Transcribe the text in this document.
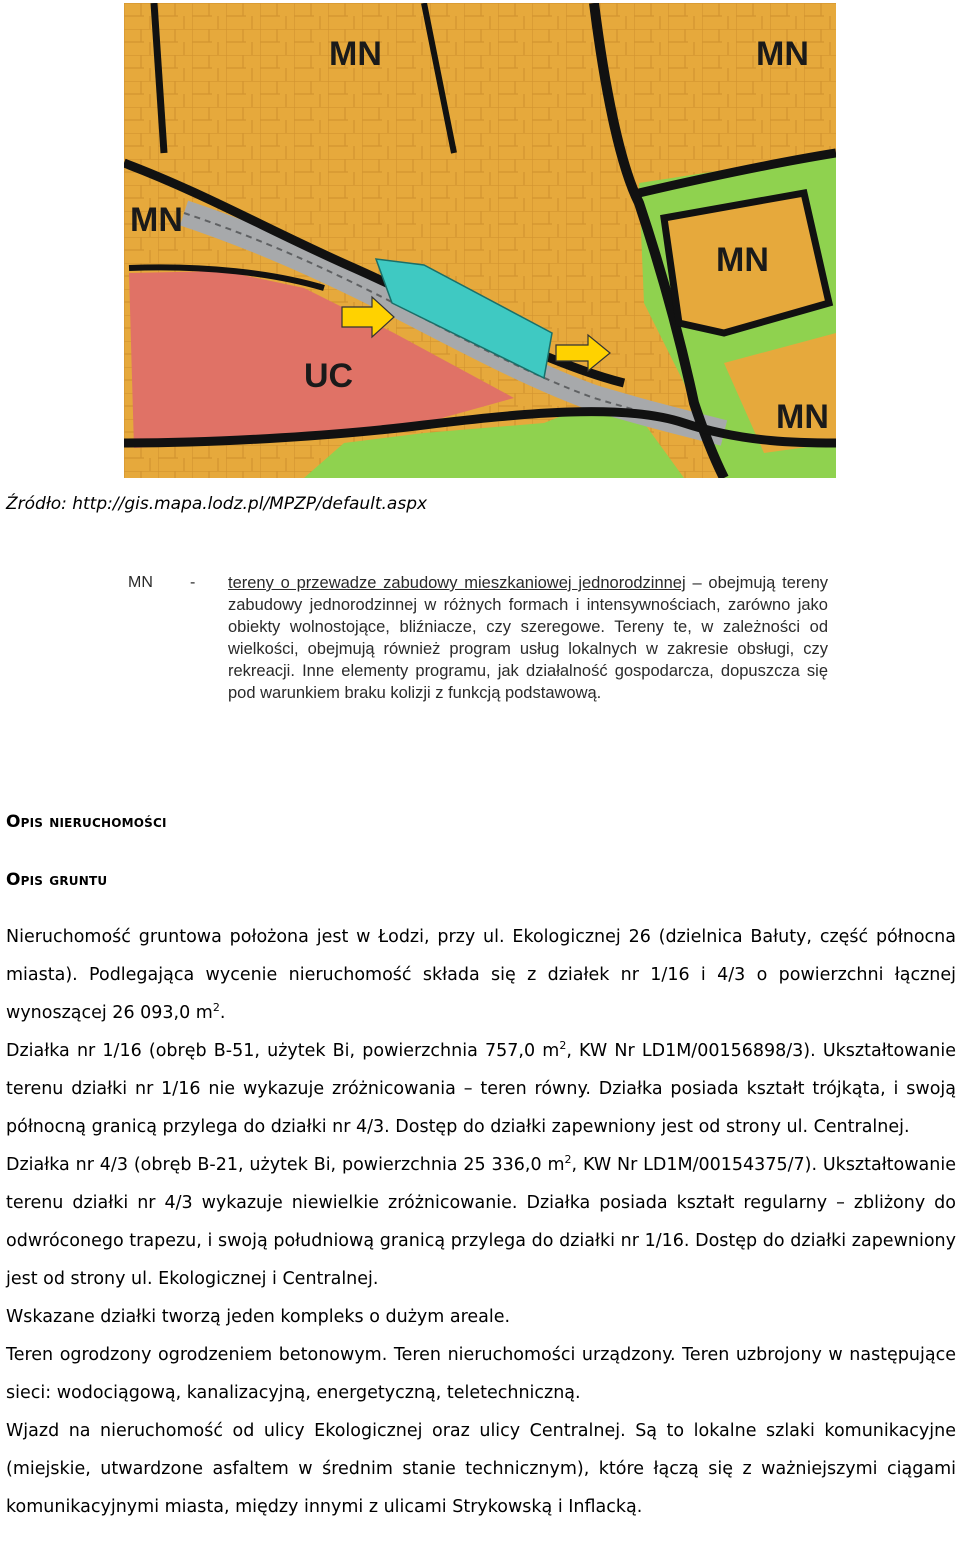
MN	MN
MN
MN
MN
UC
Źródło: http://gis.mapa.lodz.pl/MPZP/default.aspx
MN - tereny o przewadze zabudowy mieszkaniowej jednorodzinnej – obejmują tereny zabudowy jednorodzinnej w różnych formach i intensywnościach, zarówno jako obiekty wolnostojące, bliźniacze, czy szeregowe. Tereny te, w zależności od wielkości, obejmują również program usług lokalnych w zakresie obsługi, czy rekreacji. Inne elementy programu, jak działalność gospodarcza, dopuszcza się pod warunkiem braku kolizji z funkcją podstawową.
Opis nieruchomości
Opis gruntu

Nieruchomość gruntowa położona jest w Łodzi, przy ul. Ekologicznej 26 (dzielnica Bałuty, część północna miasta). Podlegająca wycenie nieruchomość składa się z działek nr 1/16 i 4/3 o powierzchni łącznej wynoszącej 26 093,0 $m^2$.

Działka nr 1/16 (obręb B-51, użytek Bi, powierzchnia 757,0 $m^2$, KW Nr LD1M/00156898/3). Ukształtowanie terenu działki nr 1/16 nie wykazuje zróżnicowania – teren równy. Działka posiada kształt trójkąta, i swoją północną granicą przylega do działki nr 4/3. Dostęp do działki zapewniony jest od strony ul. Centralnej.

Działka nr 4/3 (obręb B-21, użytek Bi, powierzchnia 25 336,0 $m^2$, KW Nr LD1M/00154375/7). Ukształtowanie terenu działki nr 4/3 wykazuje niewielkie zróżnicowanie. Działka posiada kształt regularny – zbliżony do odwróconego trapezu, i swoją południową granicą przylega do działki nr 1/16. Dostęp do działki zapewniony jest od strony ul. Ekologicznej i Centralnej.

Wskazane działki tworzą jeden kompleks o dużym areale.

Teren ogrodzony ogrodzeniem betonowym. Teren nieruchomości urządzony. Teren uzbrojony w następujące sieci: wodociągową, kanalizacyjną, energetyczną, teletechniczną.

Wjazd na nieruchomość od ulicy Ekologicznej oraz ulicy Centralnej. Są to lokalne szlaki komunikacyjne (miejskie, utwardzone asfaltem w średnim stanie technicznym), które łączą się z ważniejszymi ciągami komunikacyjnymi miasta, między innymi z ulicami Strykowską i Inflacką.
